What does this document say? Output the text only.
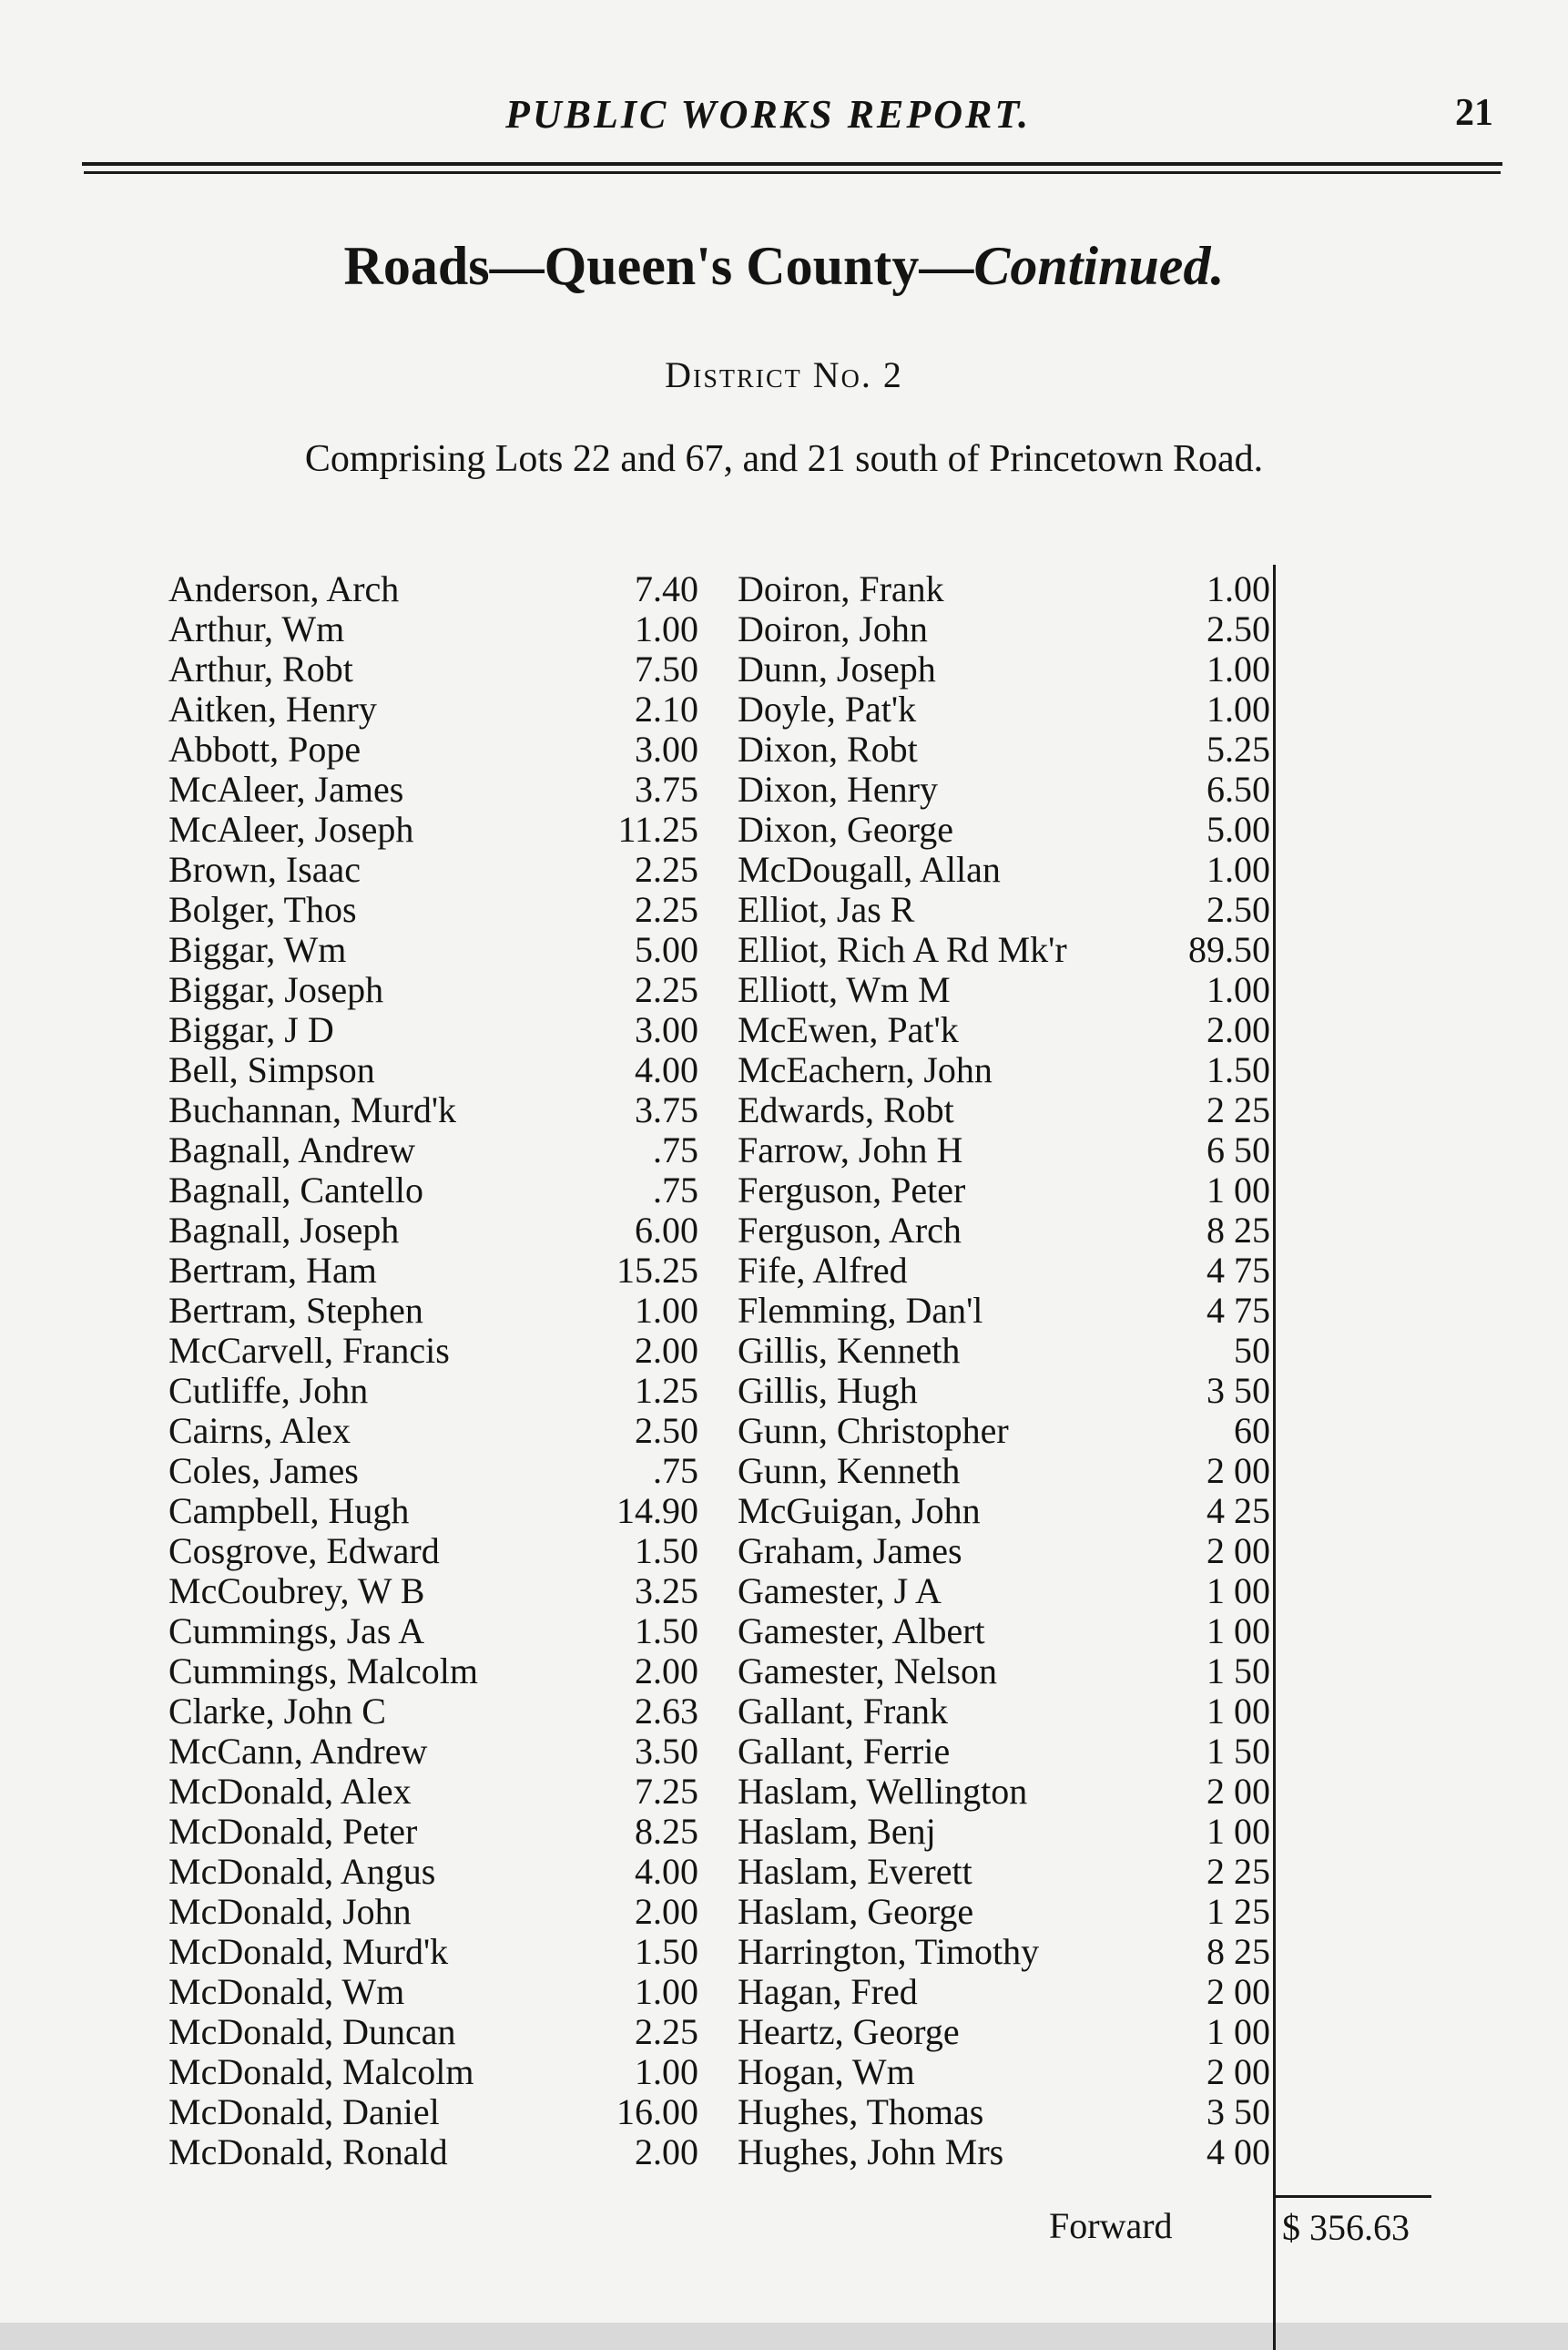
PUBLIC WORKS REPORT.	21
Roads—Queen's County—Continued.
District No. 2
Comprising Lots 22 and 67, and 21 south of Princetown Road.
Anderson, Arch	7.40
Arthur, Wm	1.00
Arthur, Robt	7.50
Aitken, Henry	2.10
Abbott, Pope	3.00
McAleer, James	3.75
McAleer, Joseph	11.25
Brown, Isaac	2.25
Bolger, Thos	2.25
Biggar, Wm	5.00
Biggar, Joseph	2.25
Biggar, J D	3.00
Bell, Simpson	4.00
Buchannan, Murd'k	3.75
Bagnall, Andrew	.75
Bagnall, Cantello	.75
Bagnall, Joseph	6.00
Bertram, Ham	15.25
Bertram, Stephen	1.00
McCarvell, Francis	2.00
Cutliffe, John	1.25
Cairns, Alex	2.50
Coles, James	.75
Campbell, Hugh	14.90
Cosgrove, Edward	1.50
McCoubrey, W B	3.25
Cummings, Jas A	1.50
Cummings, Malcolm	2.00
Clarke, John C	2.63
McCann, Andrew	3.50
McDonald, Alex	7.25
McDonald, Peter	8.25
McDonald, Angus	4.00
McDonald, John	2.00
McDonald, Murd'k	1.50
McDonald, Wm	1.00
McDonald, Duncan	2.25
McDonald, Malcolm	1.00
McDonald, Daniel	16.00
McDonald, Ronald	2.00
Doiron, Frank	1.00
Doiron, John	2.50
Dunn, Joseph	1.00
Doyle, Pat'k	1.00
Dixon, Robt	5.25
Dixon, Henry	6.50
Dixon, George	5.00
McDougall, Allan	1.00
Elliot, Jas R	2.50
Elliot, Rich A Rd Mk'r	89.50
Elliott, Wm M	1.00
McEwen, Pat'k	2.00
McEachern, John	1.50
Edwards, Robt	2 25
Farrow, John H	6 50
Ferguson, Peter	1 00
Ferguson, Arch	8 25
Fife, Alfred	4 75
Flemming, Dan'l	4 75
Gillis, Kenneth	50
Gillis, Hugh	3 50
Gunn, Christopher	60
Gunn, Kenneth	2 00
McGuigan, John	4 25
Graham, James	2 00
Gamester, J A	1 00
Gamester, Albert	1 00
Gamester, Nelson	1 50
Gallant, Frank	1 00
Gallant, Ferrie	1 50
Haslam, Wellington	2 00
Haslam, Benj	1 00
Haslam, Everett	2 25
Haslam, George	1 25
Harrington, Timothy	8 25
Hagan, Fred	2 00
Heartz, George	1 00
Hogan, Wm	2 00
Hughes, Thomas	3 50
Hughes, John Mrs	4 00
Forward	$ 356.63
